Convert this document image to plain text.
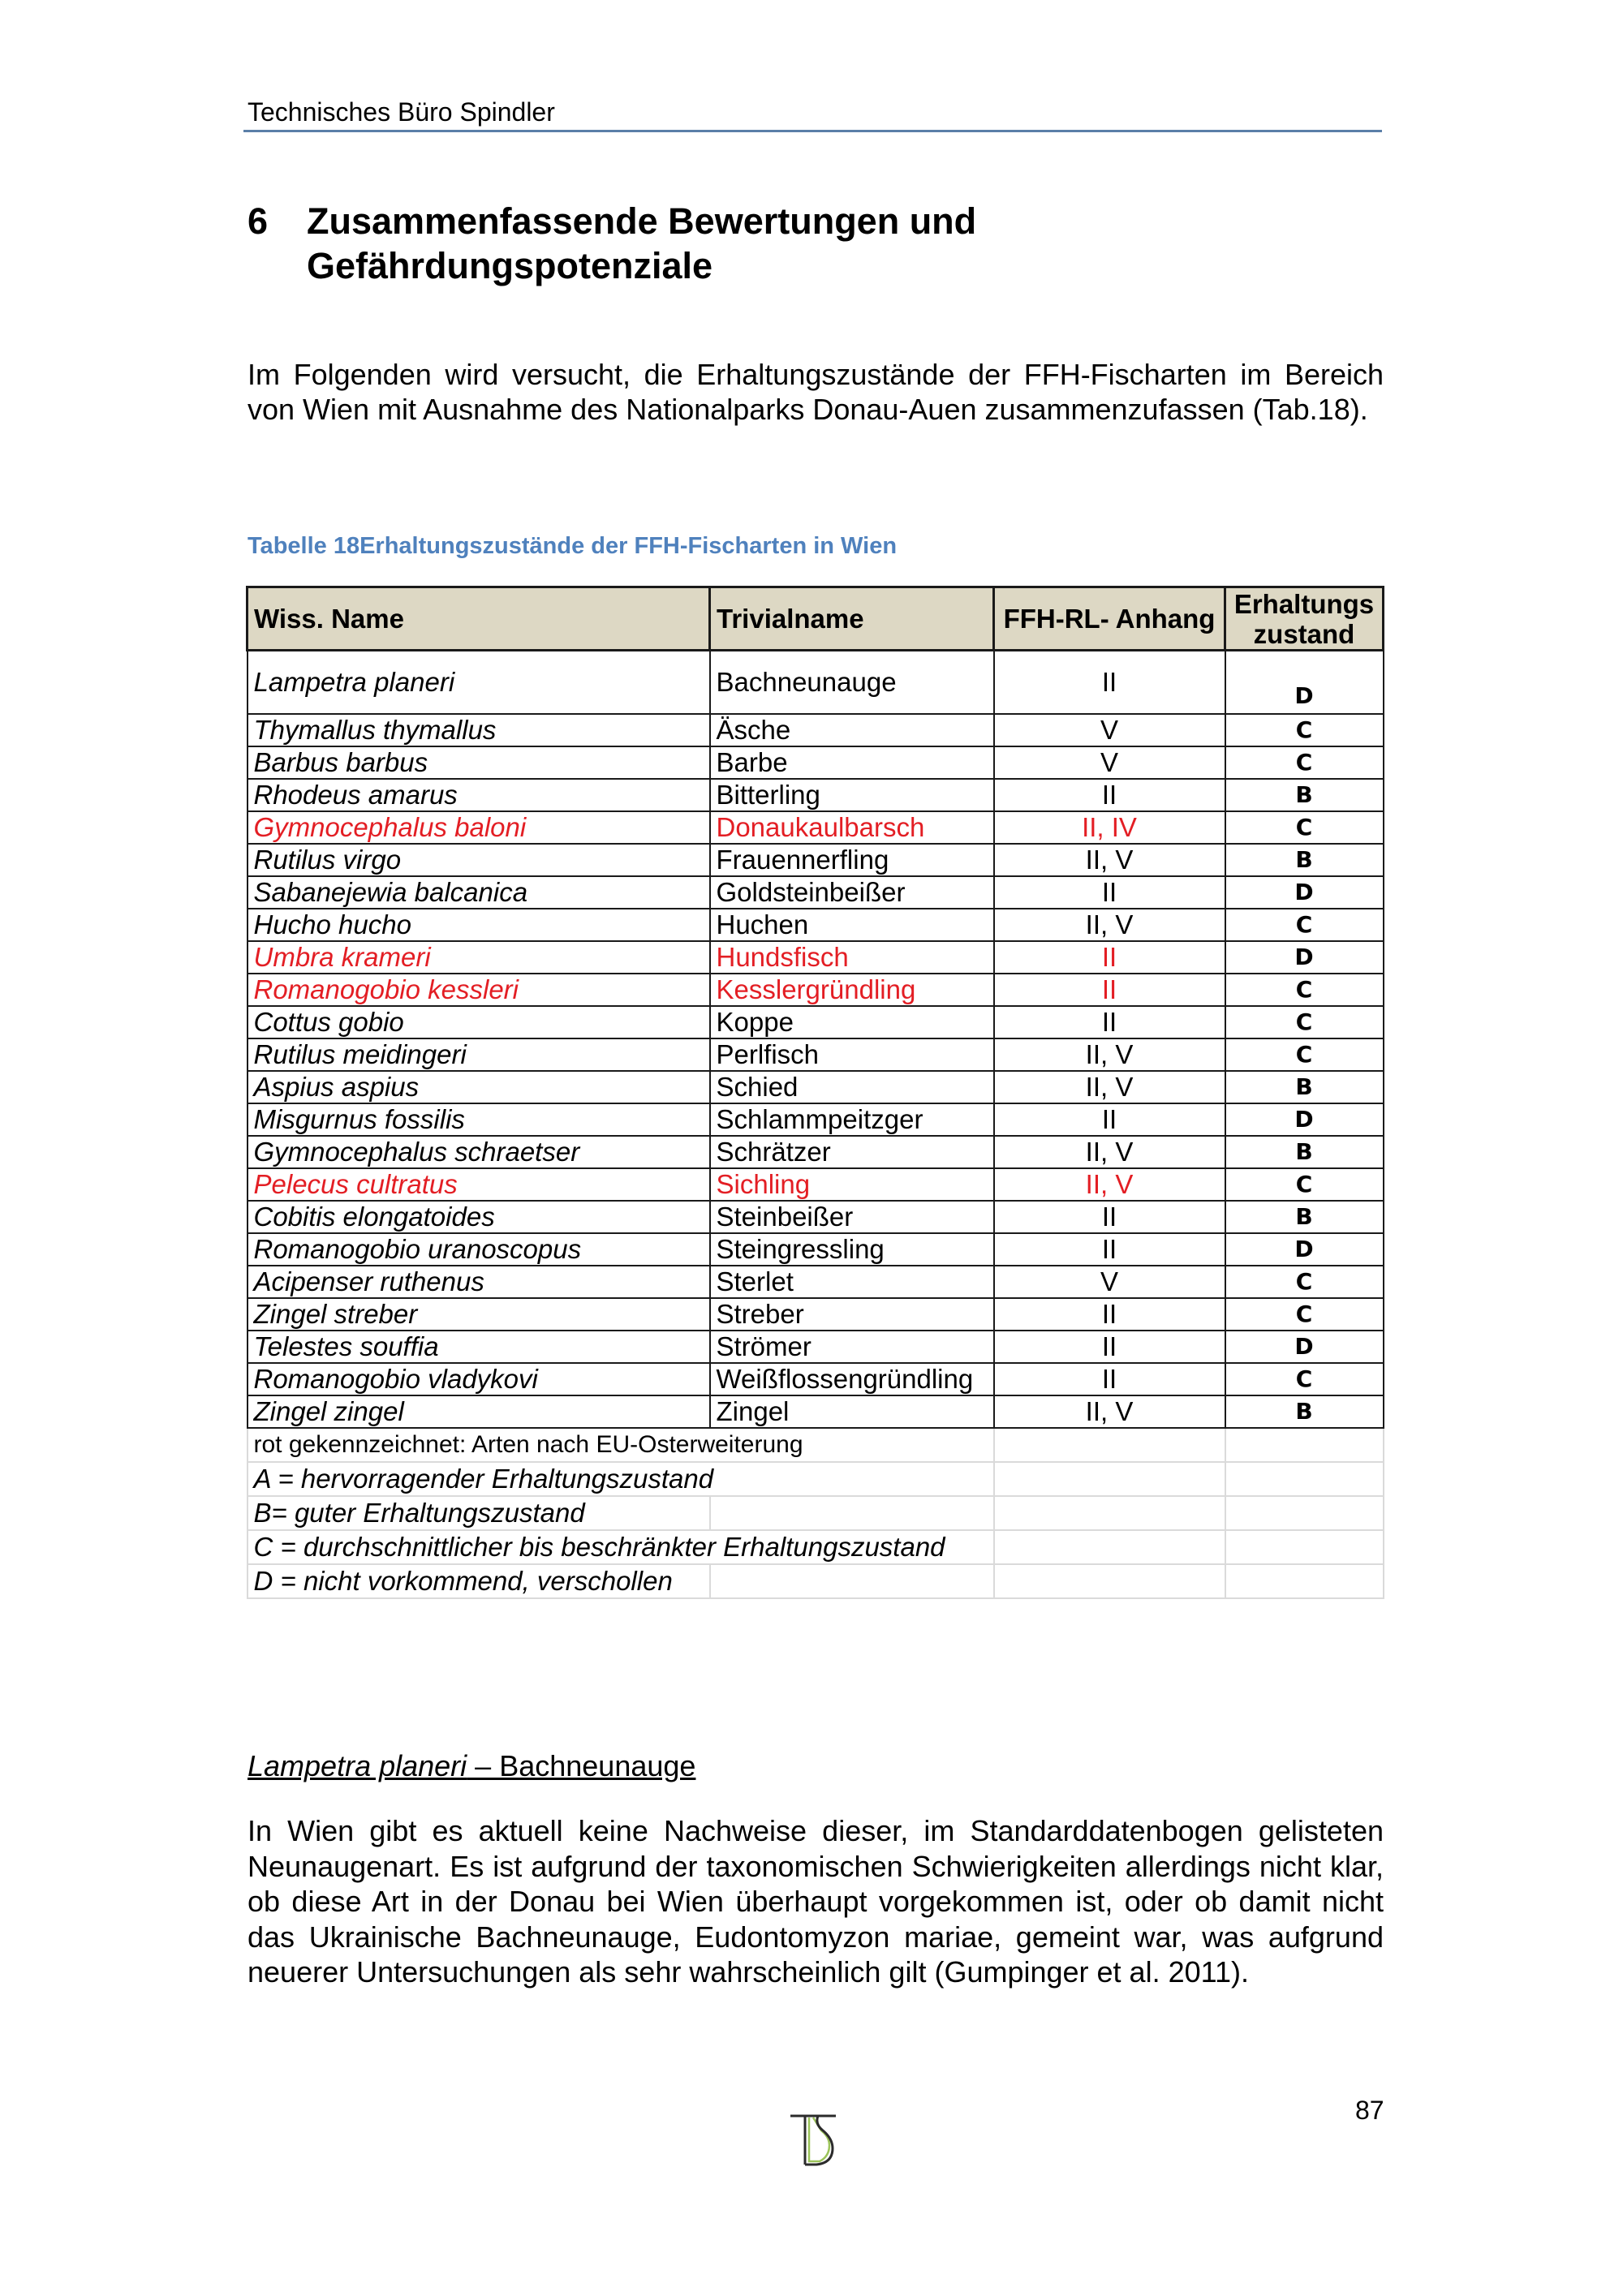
Technisches Büro Spindler
6 Zusammenfassende Bewertungen und Gefährdungspotenziale
Im Folgenden wird versucht, die Erhaltungszustände der FFH-Fischarten im Bereich von Wien mit Ausnahme des Nationalparks Donau-Auen zusammenzufassen (Tab.18).
Tabelle 18Erhaltungszustände der FFH-Fischarten in Wien
Wiss. Name	Trivialname	FFH-RL- Anhang	Erhaltungs zustand
Lampetra planeri	Bachneunauge	II	D
Thymallus thymallus	Äsche	V	C
Barbus barbus	Barbe	V	C
Rhodeus amarus	Bitterling	II	B
Gymnocephalus baloni	Donaukaulbarsch	II, IV	C
Rutilus virgo	Frauennerfling	II, V	B
Sabanejewia balcanica	Goldsteinbeißer	II	D
Hucho hucho	Huchen	II, V	C
Umbra krameri	Hundsfisch	II	D
Romanogobio kessleri	Kesslergründling	II	C
Cottus gobio	Koppe	II	C
Rutilus meidingeri	Perlfisch	II, V	C
Aspius aspius	Schied	II, V	B
Misgurnus fossilis	Schlammpeitzger	II	D
Gymnocephalus schraetser	Schrätzer	II, V	B
Pelecus cultratus	Sichling	II, V	C
Cobitis elongatoides	Steinbeißer	II	B
Romanogobio uranoscopus	Steingressling	II	D
Acipenser ruthenus	Sterlet	V	C
Zingel streber	Streber	II	C
Telestes souffia	Strömer	II	D
Romanogobio vladykovi	Weißflossengründling	II	C
Zingel zingel	Zingel	II, V	B
rot gekennzeichnet: Arten nach EU-Osterweiterung			
A = hervorragender Erhaltungszustand			
B= guter Erhaltungszustand			
C = durchschnittlicher bis beschränkter Erhaltungszustand			
D = nicht vorkommend, verschollen			
Lampetra planeri – Bachneunauge
In Wien gibt es aktuell keine Nachweise dieser, im Standarddatenbogen gelisteten Neunaugenart. Es ist aufgrund der taxonomischen Schwierigkeiten allerdings nicht klar, ob diese Art in der Donau bei Wien überhaupt vorgekommen ist, oder ob damit nicht das Ukrainische Bachneunauge, Eudontomyzon mariae, gemeint war, was aufgrund neuerer Untersuchungen als sehr wahrscheinlich gilt (Gumpinger et al. 2011).
87
